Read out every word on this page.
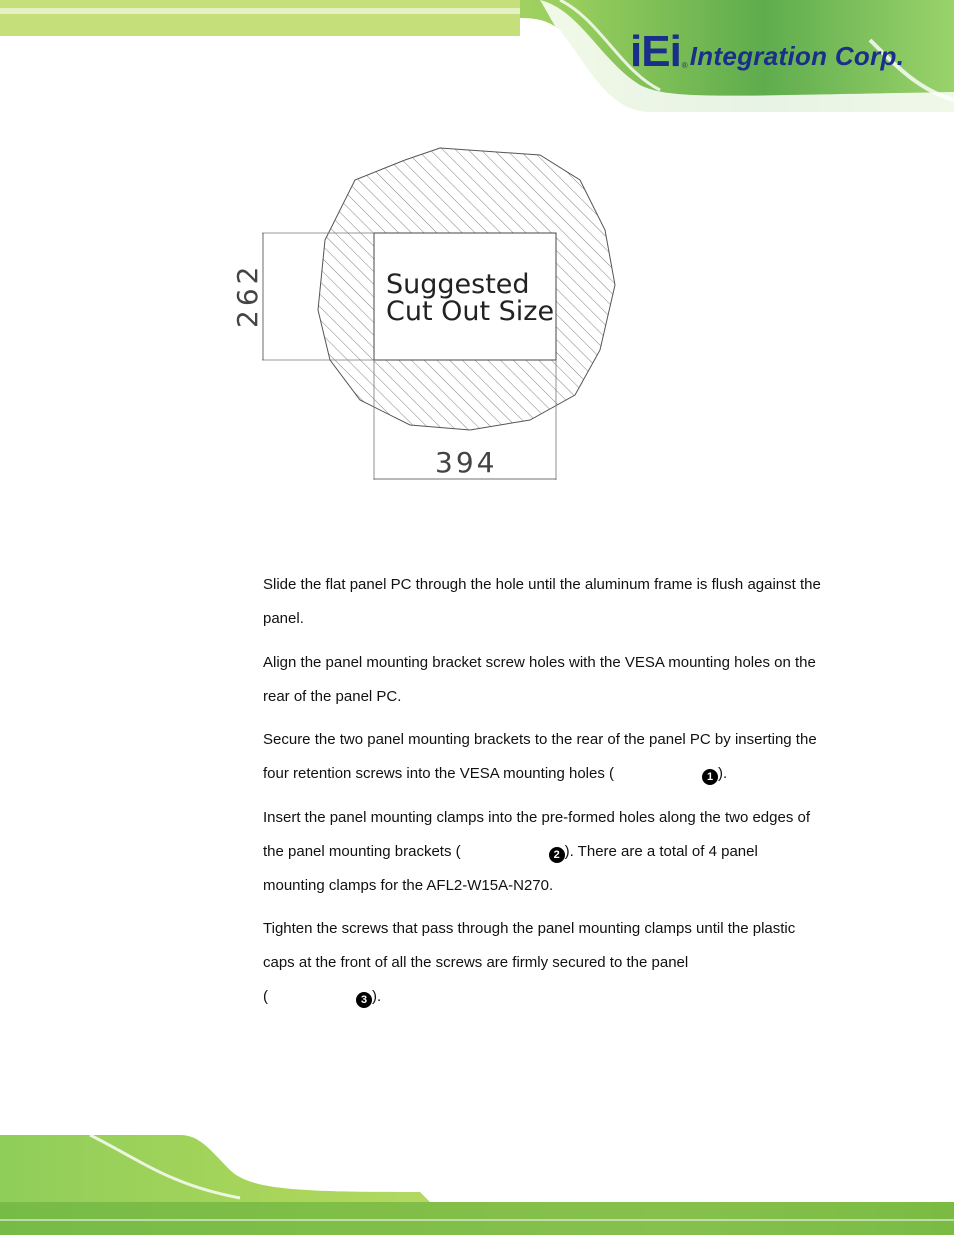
iEi ® Integration Corp.
Suggested
Cut Out Size
262
394

Slide the flat panel PC through the hole until the aluminum frame is flush against the panel.

Align the panel mounting bracket screw holes with the VESA mounting holes on the rear of the panel PC.

Secure the two panel mounting brackets to the rear of the panel PC by inserting the four retention screws into the VESA mounting holes (	1 ).

Insert the panel mounting clamps into the pre-formed holes along the two edges of the panel mounting brackets (	2 ). There are a total of 4 panel mounting clamps for the AFL2-W15A-N270.

Tighten the screws that pass through the panel mounting clamps until the plastic caps at the front of all the screws are firmly secured to the panel
(	3 ).
